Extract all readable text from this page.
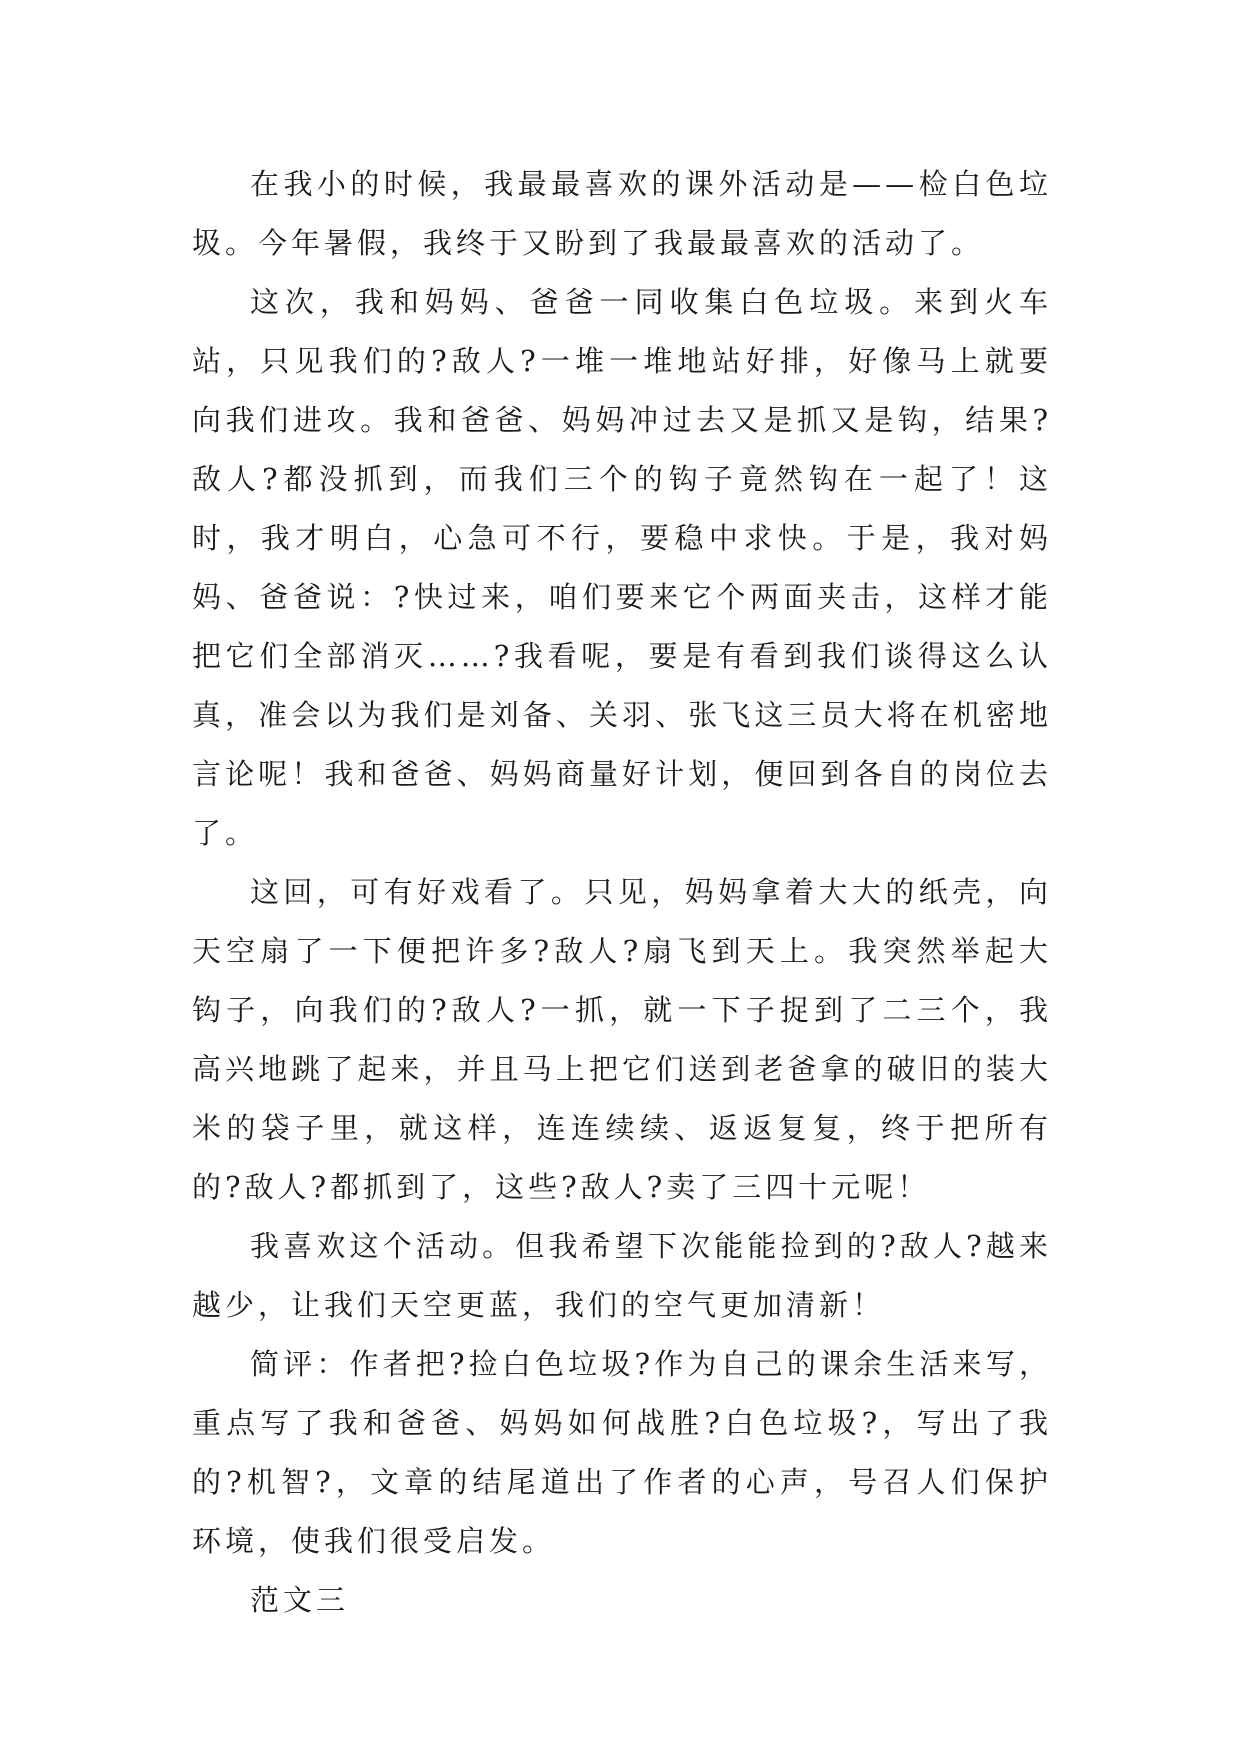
在我小的时候，我最最喜欢的课外活动是——检白色垃圾。今年暑假，我终于又盼到了我最最喜欢的活动了。

这次，我和妈妈、爸爸一同收集白色垃圾。来到火车站，只见我们的?敌人?一堆一堆地站好排，好像马上就要向我们进攻。我和爸爸、妈妈冲过去又是抓又是钩，结果?敌人?都没抓到，而我们三个的钩子竟然钩在一起了！这时，我才明白，心急可不行，要稳中求快。于是，我对妈妈、爸爸说：?快过来，咱们要来它个两面夹击，这样才能把它们全部消灭……?我看呢，要是有看到我们谈得这么认真，准会以为我们是刘备、关羽、张飞这三员大将在机密地言论呢！我和爸爸、妈妈商量好计划，便回到各自的岗位去了。

这回，可有好戏看了。只见，妈妈拿着大大的纸壳，向天空扇了一下便把许多?敌人?扇飞到天上。我突然举起大钩子，向我们的?敌人?一抓，就一下子捉到了二三个，我高兴地跳了起来，并且马上把它们送到老爸拿的破旧的装大米的袋子里，就这样，连连续续、返返复复，终于把所有的?敌人?都抓到了，这些?敌人?卖了三四十元呢！

我喜欢这个活动。但我希望下次能能捡到的?敌人?越来越少，让我们天空更蓝，我们的空气更加清新！

简评：作者把?捡白色垃圾?作为自己的课余生活来写，重点写了我和爸爸、妈妈如何战胜?白色垃圾?，写出了我的?机智?，文章的结尾道出了作者的心声，号召人们保护环境，使我们很受启发。

范文三
